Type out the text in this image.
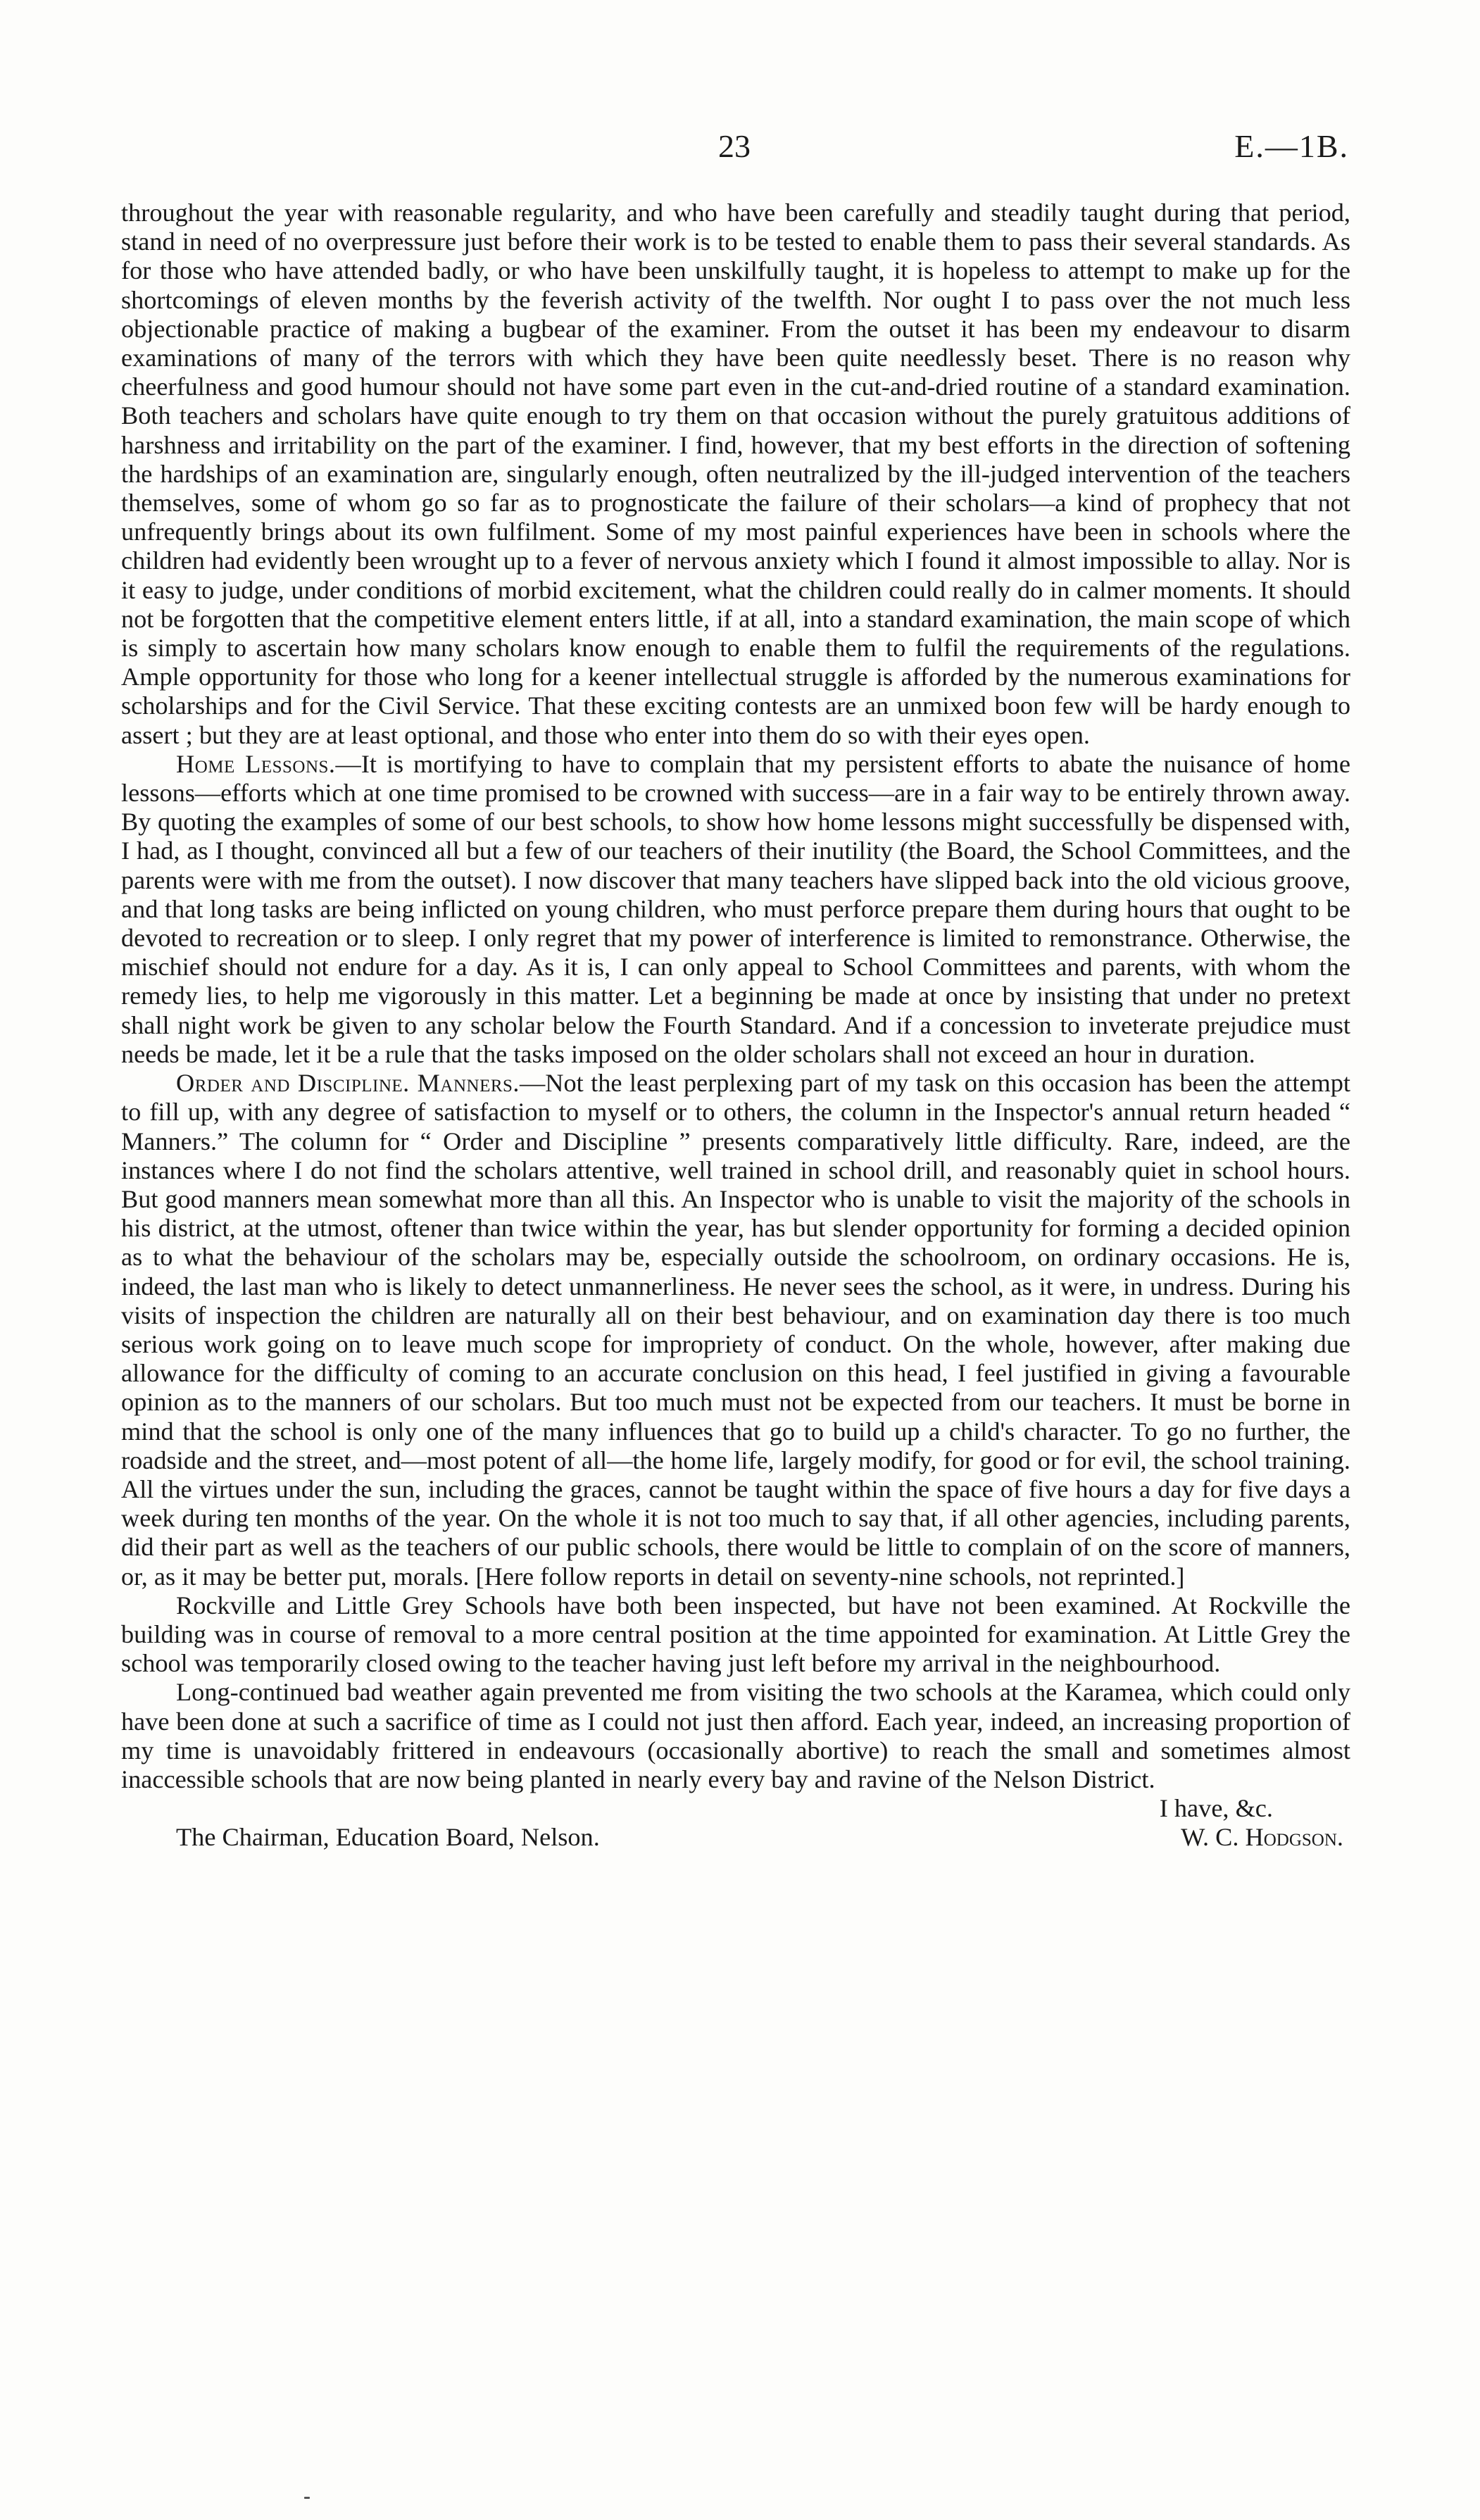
23	E.—1B.

throughout the year with reasonable regularity, and who have been carefully and steadily taught during that period, stand in need of no overpressure just before their work is to be tested to enable them to pass their several standards. As for those who have attended badly, or who have been unskilfully taught, it is hopeless to attempt to make up for the shortcomings of eleven months by the feverish activity of the twelfth. Nor ought I to pass over the not much less objectionable practice of making a bugbear of the examiner. From the outset it has been my endeavour to disarm examinations of many of the terrors with which they have been quite needlessly beset. There is no reason why cheerfulness and good humour should not have some part even in the cut-and-dried routine of a standard examination. Both teachers and scholars have quite enough to try them on that occasion without the purely gratuitous additions of harshness and irritability on the part of the examiner. I find, however, that my best efforts in the direction of softening the hardships of an examination are, singularly enough, often neutralized by the ill-judged intervention of the teachers themselves, some of whom go so far as to prognosticate the failure of their scholars—a kind of prophecy that not unfrequently brings about its own fulfilment. Some of my most painful experiences have been in schools where the children had evidently been wrought up to a fever of nervous anxiety which I found it almost impossible to allay. Nor is it easy to judge, under conditions of morbid excitement, what the children could really do in calmer moments. It should not be forgotten that the competitive element enters little, if at all, into a standard examination, the main scope of which is simply to ascertain how many scholars know enough to enable them to fulfil the requirements of the regulations. Ample opportunity for those who long for a keener intellectual struggle is afforded by the numerous examinations for scholarships and for the Civil Service. That these exciting contests are an unmixed boon few will be hardy enough to assert ; but they are at least optional, and those who enter into them do so with their eyes open.

Home Lessons.—It is mortifying to have to complain that my persistent efforts to abate the nuisance of home lessons—efforts which at one time promised to be crowned with success—are in a fair way to be entirely thrown away. By quoting the examples of some of our best schools, to show how home lessons might successfully be dispensed with, I had, as I thought, convinced all but a few of our teachers of their inutility (the Board, the School Committees, and the parents were with me from the outset). I now discover that many teachers have slipped back into the old vicious groove, and that long tasks are being inflicted on young children, who must perforce prepare them during hours that ought to be devoted to recreation or to sleep. I only regret that my power of interference is limited to remonstrance. Otherwise, the mischief should not endure for a day. As it is, I can only appeal to School Committees and parents, with whom the remedy lies, to help me vigorously in this matter. Let a beginning be made at once by insisting that under no pretext shall night work be given to any scholar below the Fourth Standard. And if a concession to inveterate prejudice must needs be made, let it be a rule that the tasks imposed on the older scholars shall not exceed an hour in duration.

Order and Discipline. Manners.—Not the least perplexing part of my task on this occasion has been the attempt to fill up, with any degree of satisfaction to myself or to others, the column in the Inspector's annual return headed “ Manners.” The column for “ Order and Discipline ” presents comparatively little difficulty. Rare, indeed, are the instances where I do not find the scholars attentive, well trained in school drill, and reasonably quiet in school hours. But good manners mean somewhat more than all this. An Inspector who is unable to visit the majority of the schools in his district, at the utmost, oftener than twice within the year, has but slender opportunity for forming a decided opinion as to what the behaviour of the scholars may be, especially outside the schoolroom, on ordinary occasions. He is, indeed, the last man who is likely to detect unmannerliness. He never sees the school, as it were, in undress. During his visits of inspection the children are naturally all on their best behaviour, and on examination day there is too much serious work going on to leave much scope for impropriety of conduct. On the whole, however, after making due allowance for the difficulty of coming to an accurate conclusion on this head, I feel justified in giving a favourable opinion as to the manners of our scholars. But too much must not be expected from our teachers. It must be borne in mind that the school is only one of the many influences that go to build up a child's character. To go no further, the roadside and the street, and—most potent of all—the home life, largely modify, for good or for evil, the school training. All the virtues under the sun, including the graces, cannot be taught within the space of five hours a day for five days a week during ten months of the year. On the whole it is not too much to say that, if all other agencies, including parents, did their part as well as the teachers of our public schools, there would be little to complain of on the score of manners, or, as it may be better put, morals. [Here follow reports in detail on seventy-nine schools, not reprinted.]

Rockville and Little Grey Schools have both been inspected, but have not been examined. At Rockville the building was in course of removal to a more central position at the time appointed for examination. At Little Grey the school was temporarily closed owing to the teacher having just left before my arrival in the neighbourhood.

Long-continued bad weather again prevented me from visiting the two schools at the Karamea, which could only have been done at such a sacrifice of time as I could not just then afford. Each year, indeed, an increasing proportion of my time is unavoidably frittered in endeavours (occasionally abortive) to reach the small and sometimes almost inaccessible schools that are now being planted in nearly every bay and ravine of the Nelson District.

I have, &c.
The Chairman, Education Board, Nelson.	W. C. Hodgson.
